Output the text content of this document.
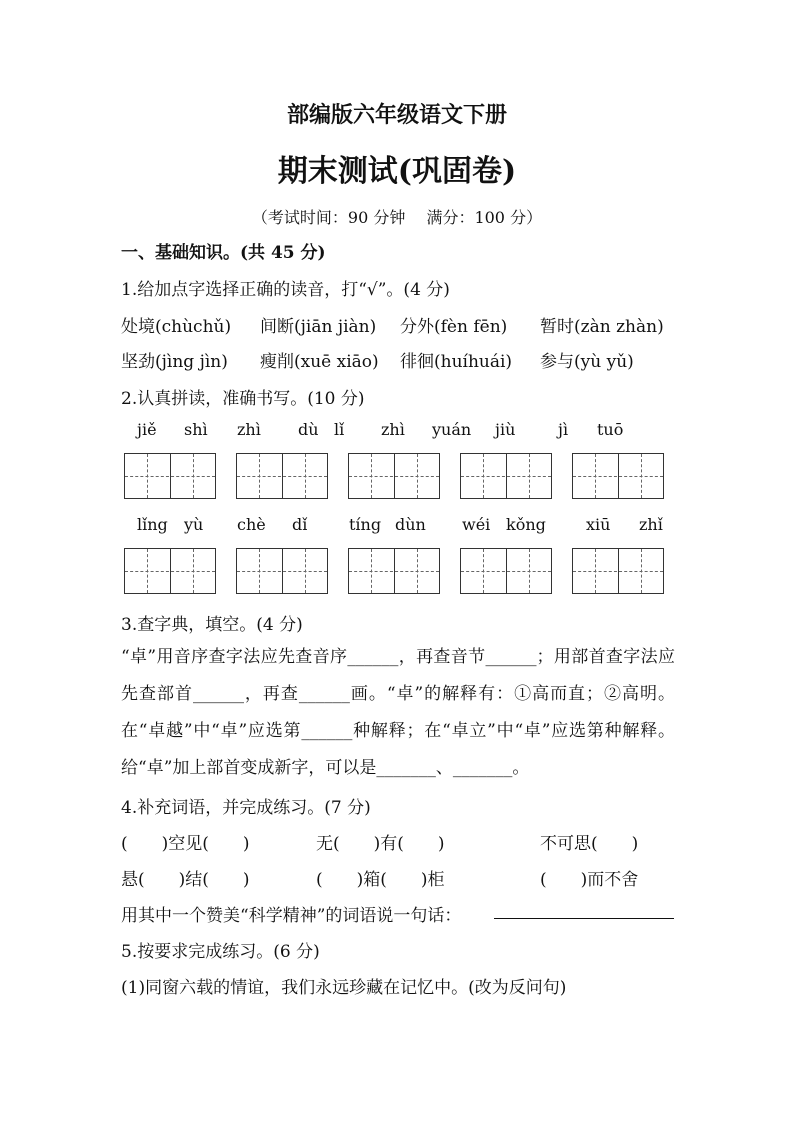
部编版六年级语文下册
期末测试(巩固卷)
（考试时间：90 分钟　 满分：100 分）
一、基础知识。(共 45 分)
1.给加点字选择正确的读音，打“√”。(4 分)
处境(chùchǔ) 间断(jiān jiàn) 分外(fèn fēn) 暂时(zàn zhàn)
坚劲(jìng jìn) 瘦削(xuē xiāo) 徘徊(huíhuái) 参与(yù yǔ)
2.认真拼读，准确书写。(10 分)
jiě shì zhì dù lǐ zhì yuán jiù	jì tuō
lǐng yù chè dǐ	tíng dùn wéi kǒng	xiū zhǐ
3.查字典，填空。(4 分)
“卓”用音序查字法应先查音序______，再查音节______；用部首查字法应先查部首______，再查______画。“卓”的解释有：①高而直；②高明。在“卓越”中“卓”应选第______种解释；在“卓立”中“卓”应选第种解释。给“卓”加上部首变成新字，可以是_______、_______。
4.补充词语，并完成练习。(7 分)
(　　)空见(　　)	无(　　)有(　　)	不可思(　　)
悬(　　)结(　　)	(　　)箱(　　)柜	(　　)而不舍
用其中一个赞美“科学精神”的词语说一句话：
5.按要求完成练习。(6 分)
(1)同窗六载的情谊，我们永远珍藏在记忆中。(改为反问句)
